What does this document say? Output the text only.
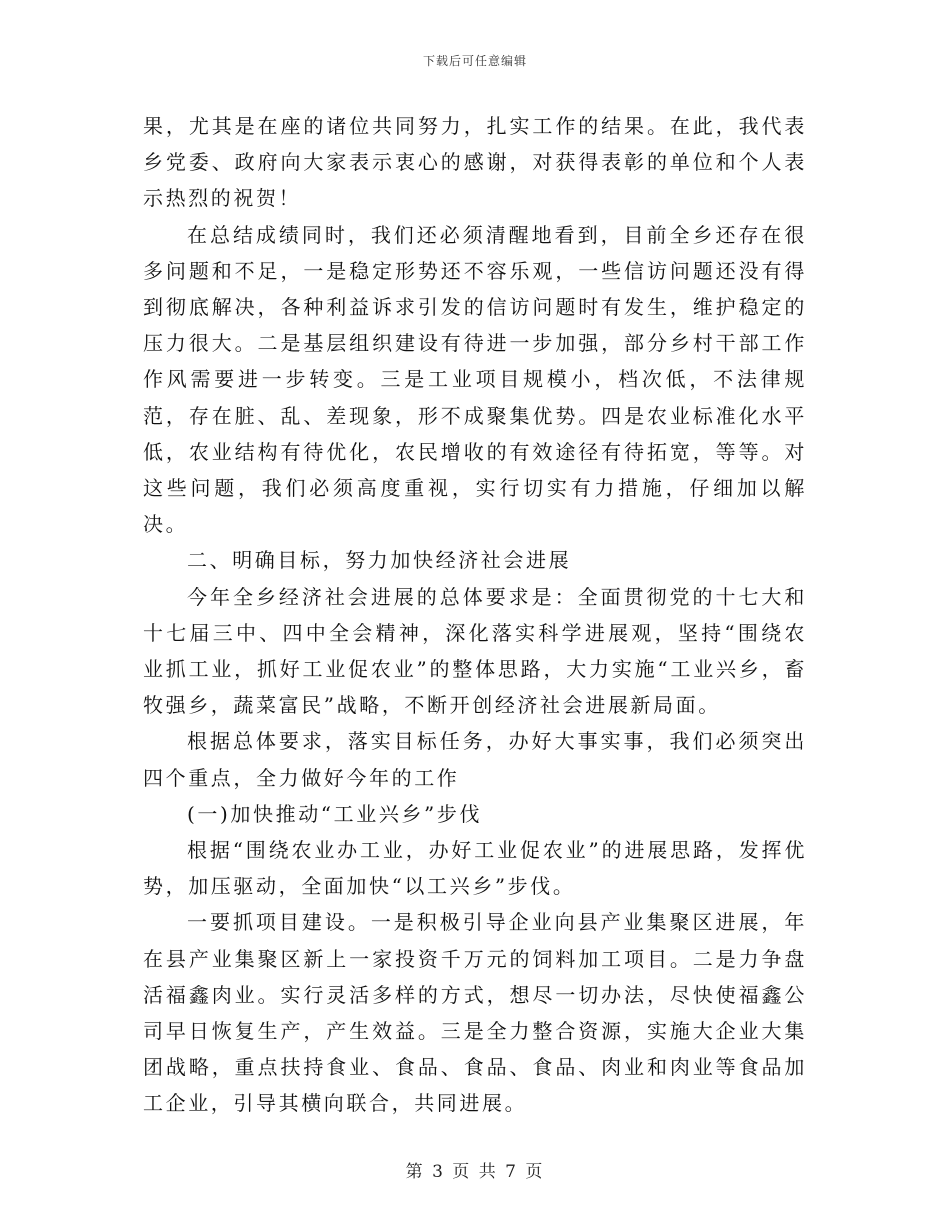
下载后可任意编辑

果，尤其是在座的诸位共同努力，扎实工作的结果。在此，我代表乡党委、政府向大家表示衷心的感谢，对获得表彰的单位和个人表示热烈的祝贺！

在总结成绩同时，我们还必须清醒地看到，目前全乡还存在很多问题和不足，一是稳定形势还不容乐观，一些信访问题还没有得到彻底解决，各种利益诉求引发的信访问题时有发生，维护稳定的压力很大。二是基层组织建设有待进一步加强，部分乡村干部工作作风需要进一步转变。三是工业项目规模小，档次低，不法律规范，存在脏、乱、差现象，形不成聚集优势。四是农业标准化水平低，农业结构有待优化，农民增收的有效途径有待拓宽，等等。对这些问题，我们必须高度重视，实行切实有力措施，仔细加以解决。

二、明确目标，努力加快经济社会进展

今年全乡经济社会进展的总体要求是：全面贯彻党的十七大和十七届三中、四中全会精神，深化落实科学进展观，坚持“围绕农业抓工业，抓好工业促农业”的整体思路，大力实施“工业兴乡，畜牧强乡，蔬菜富民”战略，不断开创经济社会进展新局面。

根据总体要求，落实目标任务，办好大事实事，我们必须突出四个重点，全力做好今年的工作

(一)加快推动“工业兴乡”步伐

根据“围绕农业办工业，办好工业促农业”的进展思路，发挥优势，加压驱动，全面加快“以工兴乡”步伐。

一要抓项目建设。一是积极引导企业向县产业集聚区进展，年在县产业集聚区新上一家投资千万元的饲料加工项目。二是力争盘活福鑫肉业。实行灵活多样的方式，想尽一切办法，尽快使福鑫公司早日恢复生产，产生效益。三是全力整合资源，实施大企业大集团战略，重点扶持食业、食品、食品、食品、肉业和肉业等食品加工企业，引导其横向联合，共同进展。

第 3 页 共 7 页
